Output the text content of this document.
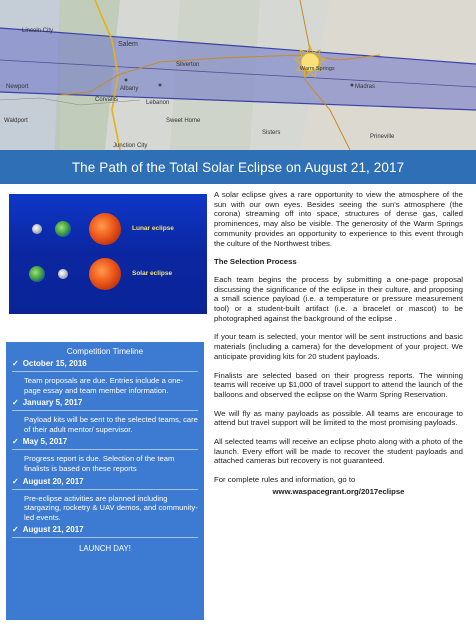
Lincoln City
Salem
Albany
Corvallis
Newport
Lebanon
Sweet Home
Silverton
Warm Springs
Madras
Prineville
Junction City
Waldport
Sisters
The Path of the Total Solar Eclipse on August 21, 2017
Lunar eclipse
Solar eclipse
Competition Timeline
✓ October 15, 2016
Team proposals are due. Entries include a one-page essay and team member information.
✓ January 5, 2017
Payload kits will be sent to the selected teams, care of their adult mentor/ supervisor.
✓ May 5, 2017
Progress report is due. Selection of the team finalists is based on these reports
✓ August 20, 2017
Pre-eclipse activities are planned including stargazing, rocketry & UAV demos, and community-led events.
✓ August 21, 2017
LAUNCH DAY!

A solar eclipse gives a rare opportunity to view the atmosphere of the sun with our own eyes. Besides seeing the sun's atmosphere (the corona) streaming off into space, structures of dense gas, called prominences, may also be visible. The generosity of the Warm Springs community provides an opportunity to experience to this event through the culture of the Northwest tribes.

The Selection Process

Each team begins the process by submitting a one-page proposal discussing the significance of the eclipse in their culture, and proposing a small science payload (i.e. a temperature or pressure measurement tool) or a student-built artifact (i.e. a bracelet or mascot) to be photographed against the background of the eclipse .

If your team is selected, your mentor will be sent instructions and basic materials (including a camera) for the development of your project. We anticipate providing kits for 20 student payloads.

Finalists are selected based on their progress reports. The winning teams will receive up $1,000 of travel support to attend the launch of the balloons and observed the eclipse on the Warm Spring Reservation.

We will fly as many payloads as possible. All teams are encourage to attend but travel support will be limited to the most promising payloads.

All selected teams will receive an eclipse photo along with a photo of the launch. Every effort will be made to recover the student payloads and attached cameras but recovery is not guaranteed.

For complete rules and information, go to

www.waspacegrant.org/2017eclipse
